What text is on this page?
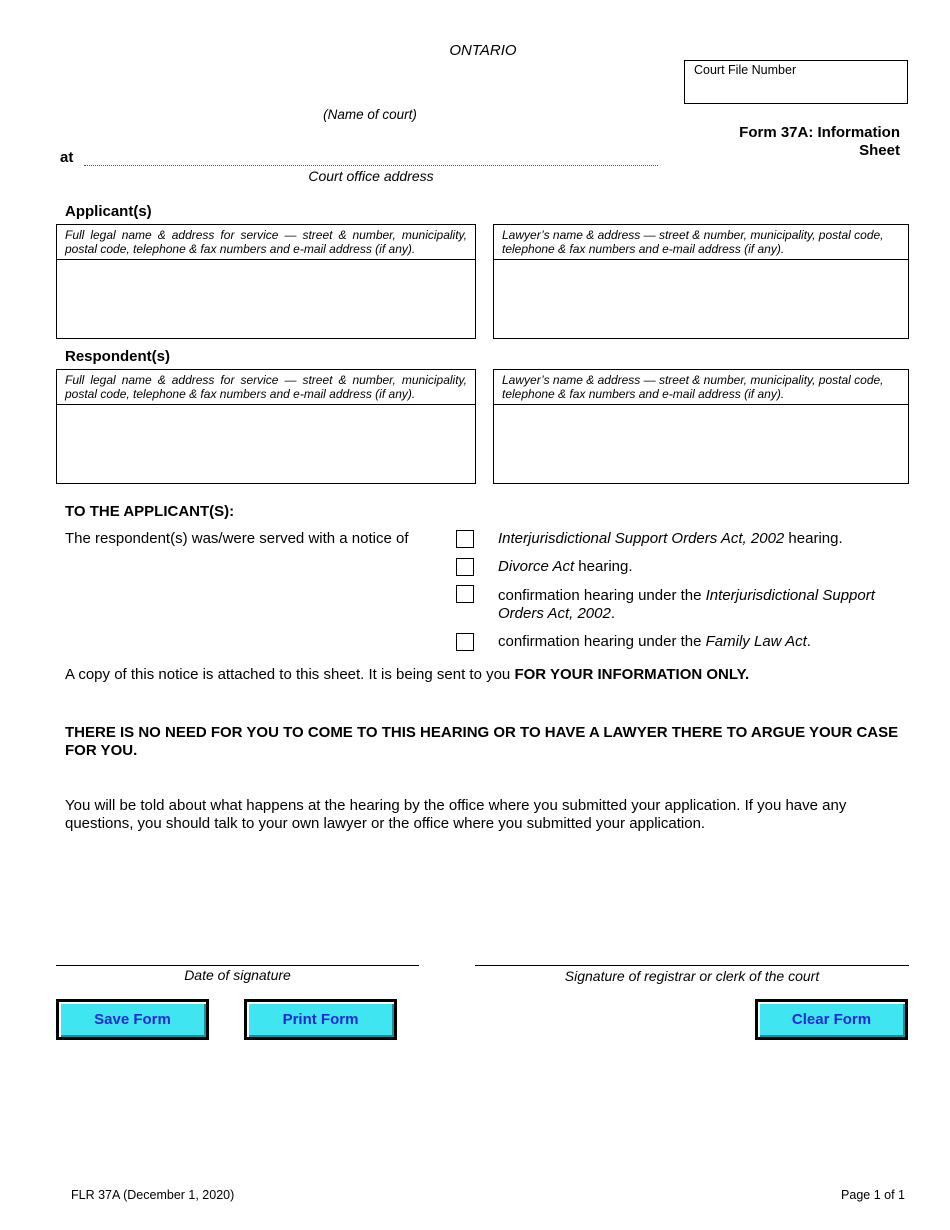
ONTARIO
Court File Number
(Name of court)
Form 37A: Information
Sheet
at
Court office address
Applicant(s)
Full legal name & address for service — street & number, municipality, postal code, telephone & fax numbers and e-mail address (if any).
Lawyer’s name & address — street & number, municipality, postal code, telephone & fax numbers and e-mail address (if any).
Respondent(s)
Full legal name & address for service — street & number, municipality, postal code, telephone & fax numbers and e-mail address (if any).
Lawyer’s name & address — street & number, municipality, postal code, telephone & fax numbers and e-mail address (if any).
TO THE APPLICANT(S):
The respondent(s) was/were served with a notice of	Interjurisdictional Support Orders Act, 2002 hearing.
Divorce Act hearing.
confirmation hearing under the Interjurisdictional Support Orders Act, 2002.
confirmation hearing under the Family Law Act.
A copy of this notice is attached to this sheet. It is being sent to you FOR YOUR INFORMATION ONLY.
THERE IS NO NEED FOR YOU TO COME TO THIS HEARING OR TO HAVE A LAWYER THERE TO ARGUE YOUR CASE FOR YOU.
You will be told about what happens at the hearing by the office where you submitted your application. If you have any questions, you should talk to your own lawyer or the office where you submitted your application.
Date of signature	Signature of registrar or clerk of the court
Save Form	Print Form	Clear Form
FLR 37A (December 1, 2020)	Page 1 of 1
